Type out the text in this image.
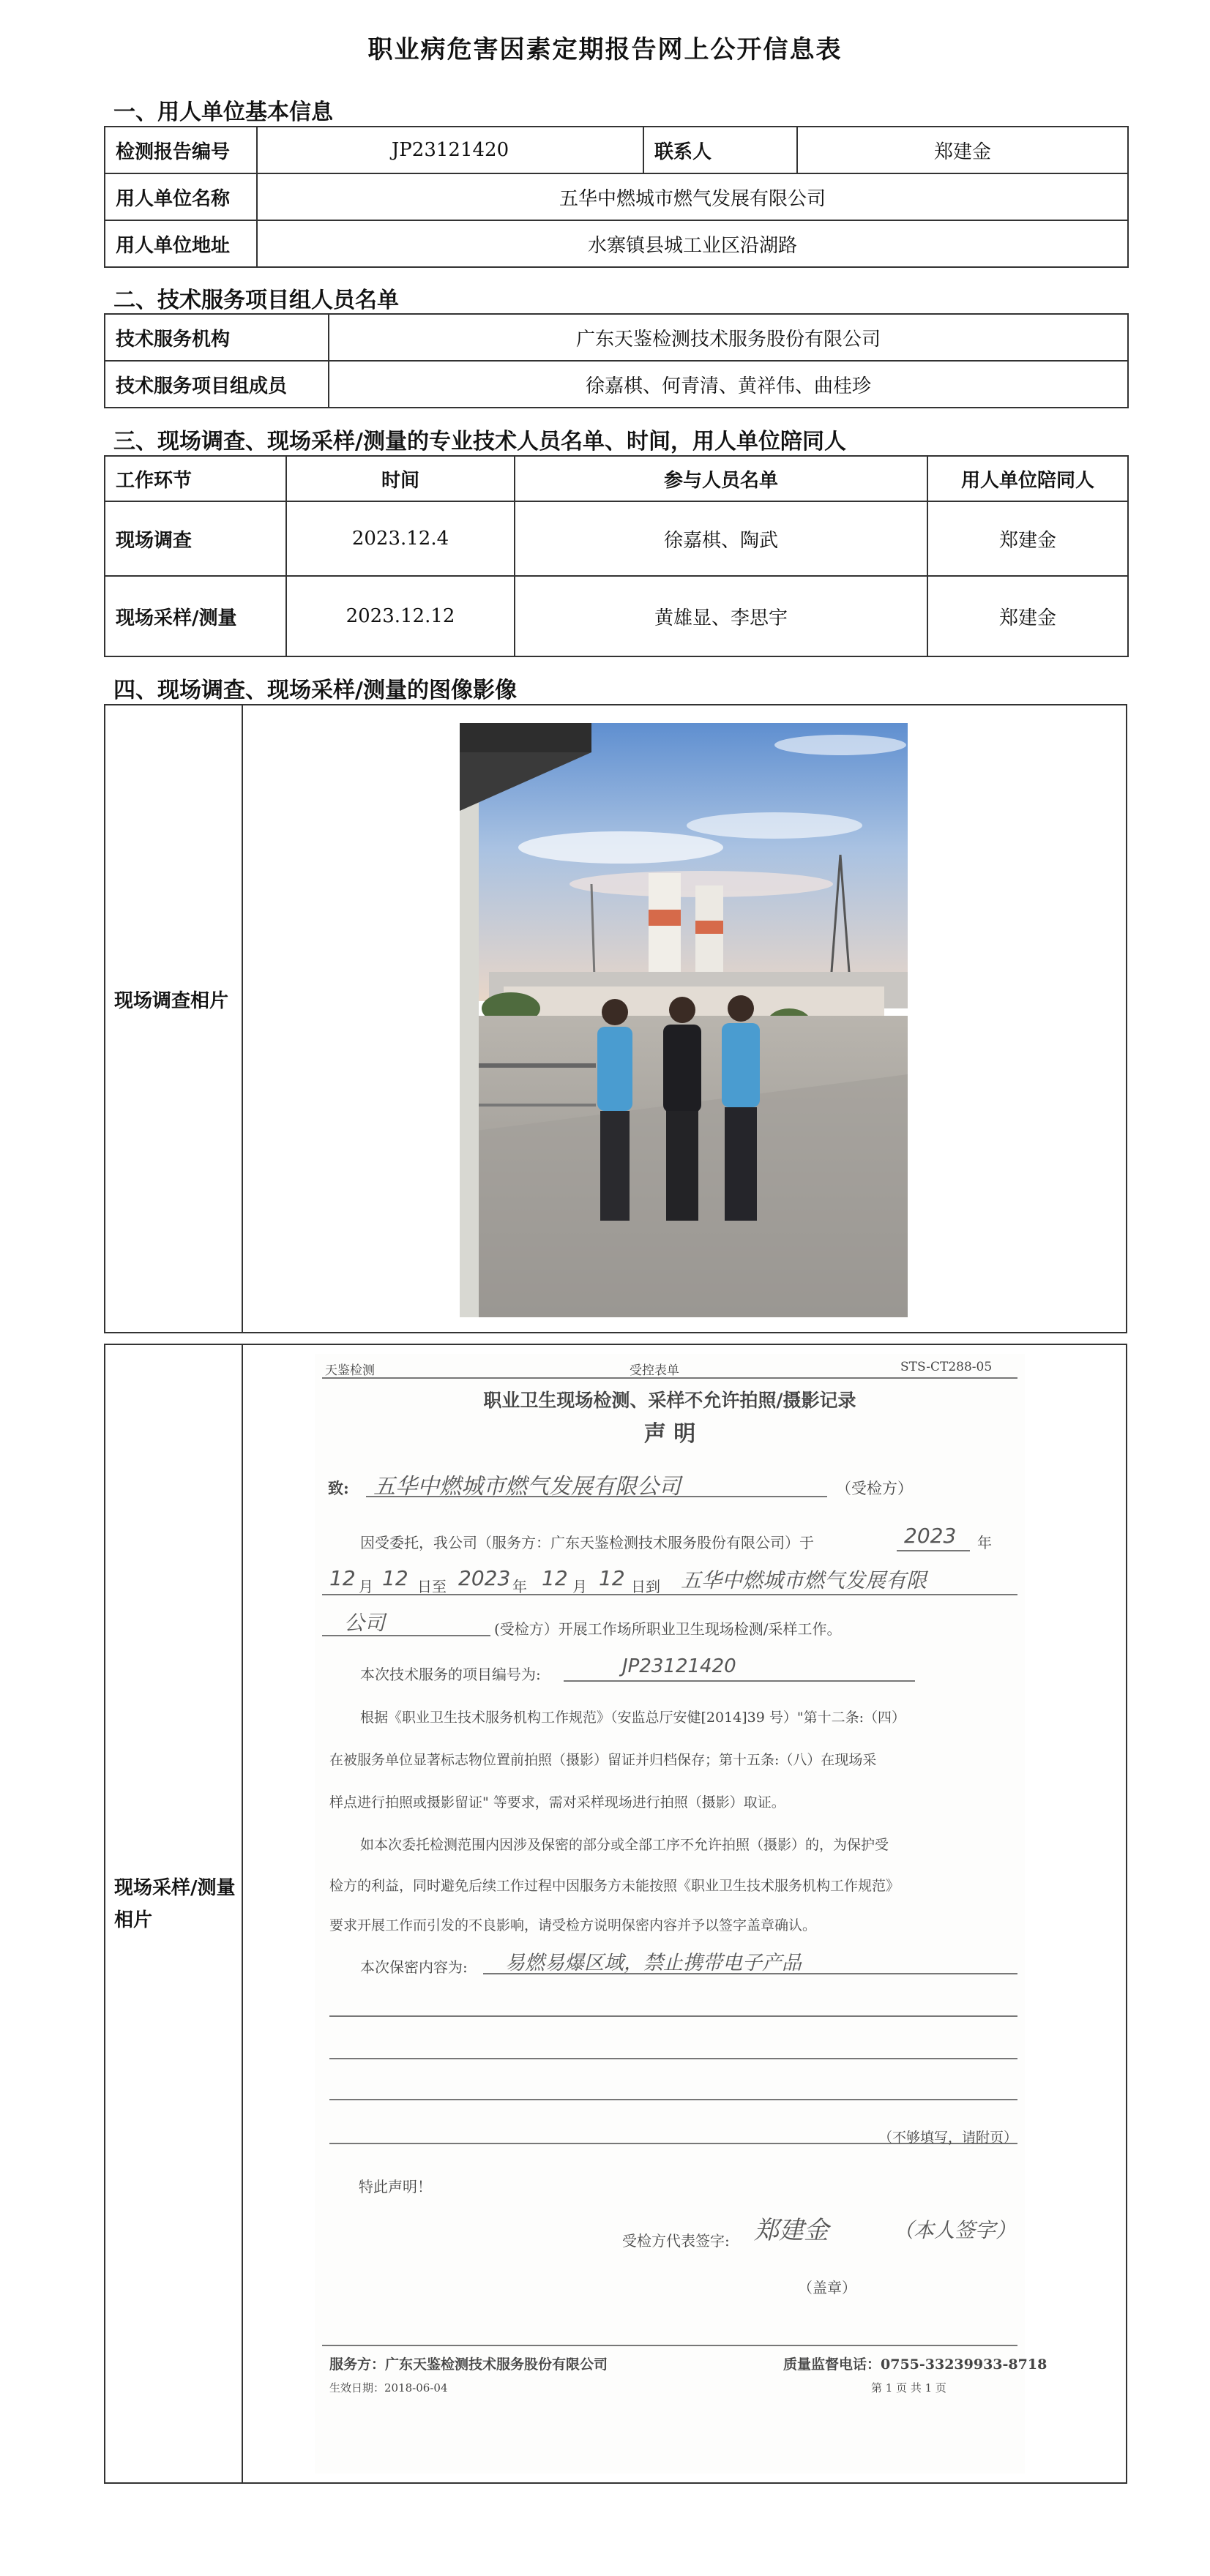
职业病危害因素定期报告网上公开信息表
一、用人单位基本信息
检测报告编号	JP23121420	联系人	郑建金
用人单位名称	五华中燃城市燃气发展有限公司		
用人单位地址	水寨镇县城工业区沿湖路		
二、技术服务项目组人员名单
技术服务机构	广东天鉴检测技术服务股份有限公司
技术服务项目组成员	徐嘉棋、何青清、黄祥伟、曲桂珍
三、现场调查、现场采样/测量的专业技术人员名单、时间，用人单位陪同人
工作环节	时间	参与人员名单	用人单位陪同人
现场调查	2023.12.4	徐嘉棋、陶武	郑建金
现场采样/测量	2023.12.12	黄雄显、李思宇	郑建金
四、现场调查、现场采样/测量的图像影像
现场调查相片
现场采样/测量相片
天鉴检测	受控表单	STS-CT288-05
职业卫生现场检测、采样不允许拍照/摄影记录
声 明
致: 五华中燃城市燃气发展有限公司	（受检方）
因受委托，我公司（服务方：广东天鉴检测技术服务股份有限公司）于	2023 年
12 月 12 日至 2023 年 12 月 12 日到 五华中燃城市燃气发展有限
公司	(受检方）开展工作场所职业卫生现场检测/采样工作。
本次技术服务的项目编号为:	JP23121420
根据《职业卫生技术服务机构工作规范》（安监总厅安健[2014]39 号）"第十二条:（四）
在被服务单位显著标志物位置前拍照（摄影）留证并归档保存；第十五条:（八）在现场采
样点进行拍照或摄影留证" 等要求，需对采样现场进行拍照（摄影）取证。
如本次委托检测范围内因涉及保密的部分或全部工序不允许拍照（摄影）的，为保护受
检方的利益，同时避免后续工作过程中因服务方未能按照《职业卫生技术服务机构工作规范》
要求开展工作而引发的不良影响，请受检方说明保密内容并予以签字盖章确认。
本次保密内容为: 易燃易爆区域，禁止携带电子产品
（不够填写，请附页）
特此声明！
受检方代表签字: 郑建金	（本人签字）
（盖章）
服务方：广东天鉴检测技术服务股份有限公司	质量监督电话：0755-33239933-8718
生效日期：2018-06-04	第 1 页 共 1 页
